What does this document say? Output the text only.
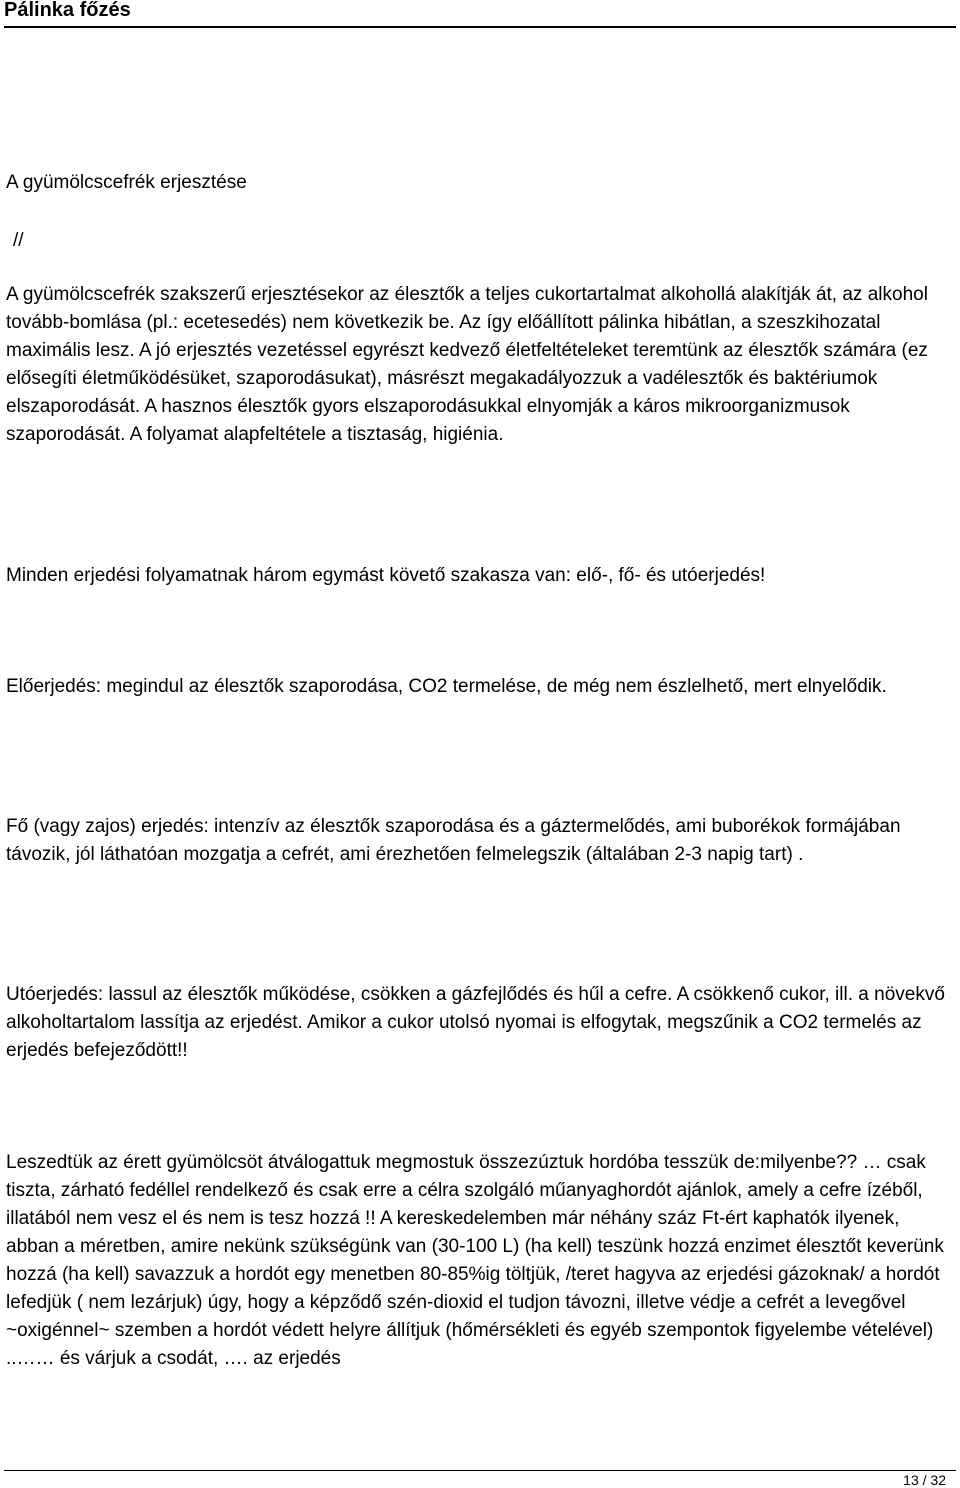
Pálinka főzés
A gyümölcscefrék erjesztése
//

A gyümölcscefrék szakszerű erjesztésekor az élesztők a teljes cukortartalmat alkohollá alakítják át, az alkohol tovább-bomlása (pl.: ecetesedés) nem következik be. Az így előállított pálinka hibátlan, a szeszkihozatal maximális lesz. A jó erjesztés vezetéssel egyrészt kedvező életfeltételeket teremtünk az élesztők számára (ez elősegíti életműködésüket, szaporodásukat), másrészt megakadályozzuk a vadélesztők és baktériumok elszaporodását. A hasznos élesztők gyors elszaporodásukkal elnyomják a káros mikroorganizmusok szaporodását. A folyamat alapfeltétele a tisztaság, higiénia.

Minden erjedési folyamatnak három egymást követő szakasza van: elő-, fő- és utóerjedés!

Előerjedés: megindul az élesztők szaporodása, CO2 termelése, de még nem észlelhető, mert elnyelődik.

Fő (vagy zajos) erjedés: intenzív az élesztők szaporodása és a gáztermelődés, ami buborékok formájában távozik, jól láthatóan mozgatja a cefrét, ami érezhetően felmelegszik (általában 2-3 napig tart) .

Utóerjedés: lassul az élesztők működése, csökken a gázfejlődés és hűl a cefre. A csökkenő cukor, ill. a növekvő alkoholtartalom lassítja az erjedést. Amikor a cukor utolsó nyomai is elfogytak, megszűnik a CO2 termelés az erjedés befejeződött!!

Leszedtük az érett gyümölcsöt átválogattuk megmostuk összezúztuk hordóba tesszük de:milyenbe?? … csak tiszta, zárható fedéllel rendelkező és csak erre a célra szolgáló műanyaghordót ajánlok, amely a cefre ízéből, illatából nem vesz el és nem is tesz hozzá !! A kereskedelemben már néhány száz Ft-ért kaphatók ilyenek, abban a méretben, amire nekünk szükségünk van (30-100 L) (ha kell) teszünk hozzá enzimet élesztőt keverünk hozzá (ha kell) savazzuk a hordót egy menetben 80-85%ig töltjük, /teret hagyva az erjedési gázoknak/ a hordót lefedjük ( nem lezárjuk) úgy, hogy a képződő szén-dioxid el tudjon távozni, illetve védje a cefrét a levegővel ~oxigénnel~ szemben a hordót védett helyre állítjuk (hőmérsékleti és egyéb szempontok figyelembe vételével) ..…… és várjuk a csodát, …. az erjedés

13 / 32
